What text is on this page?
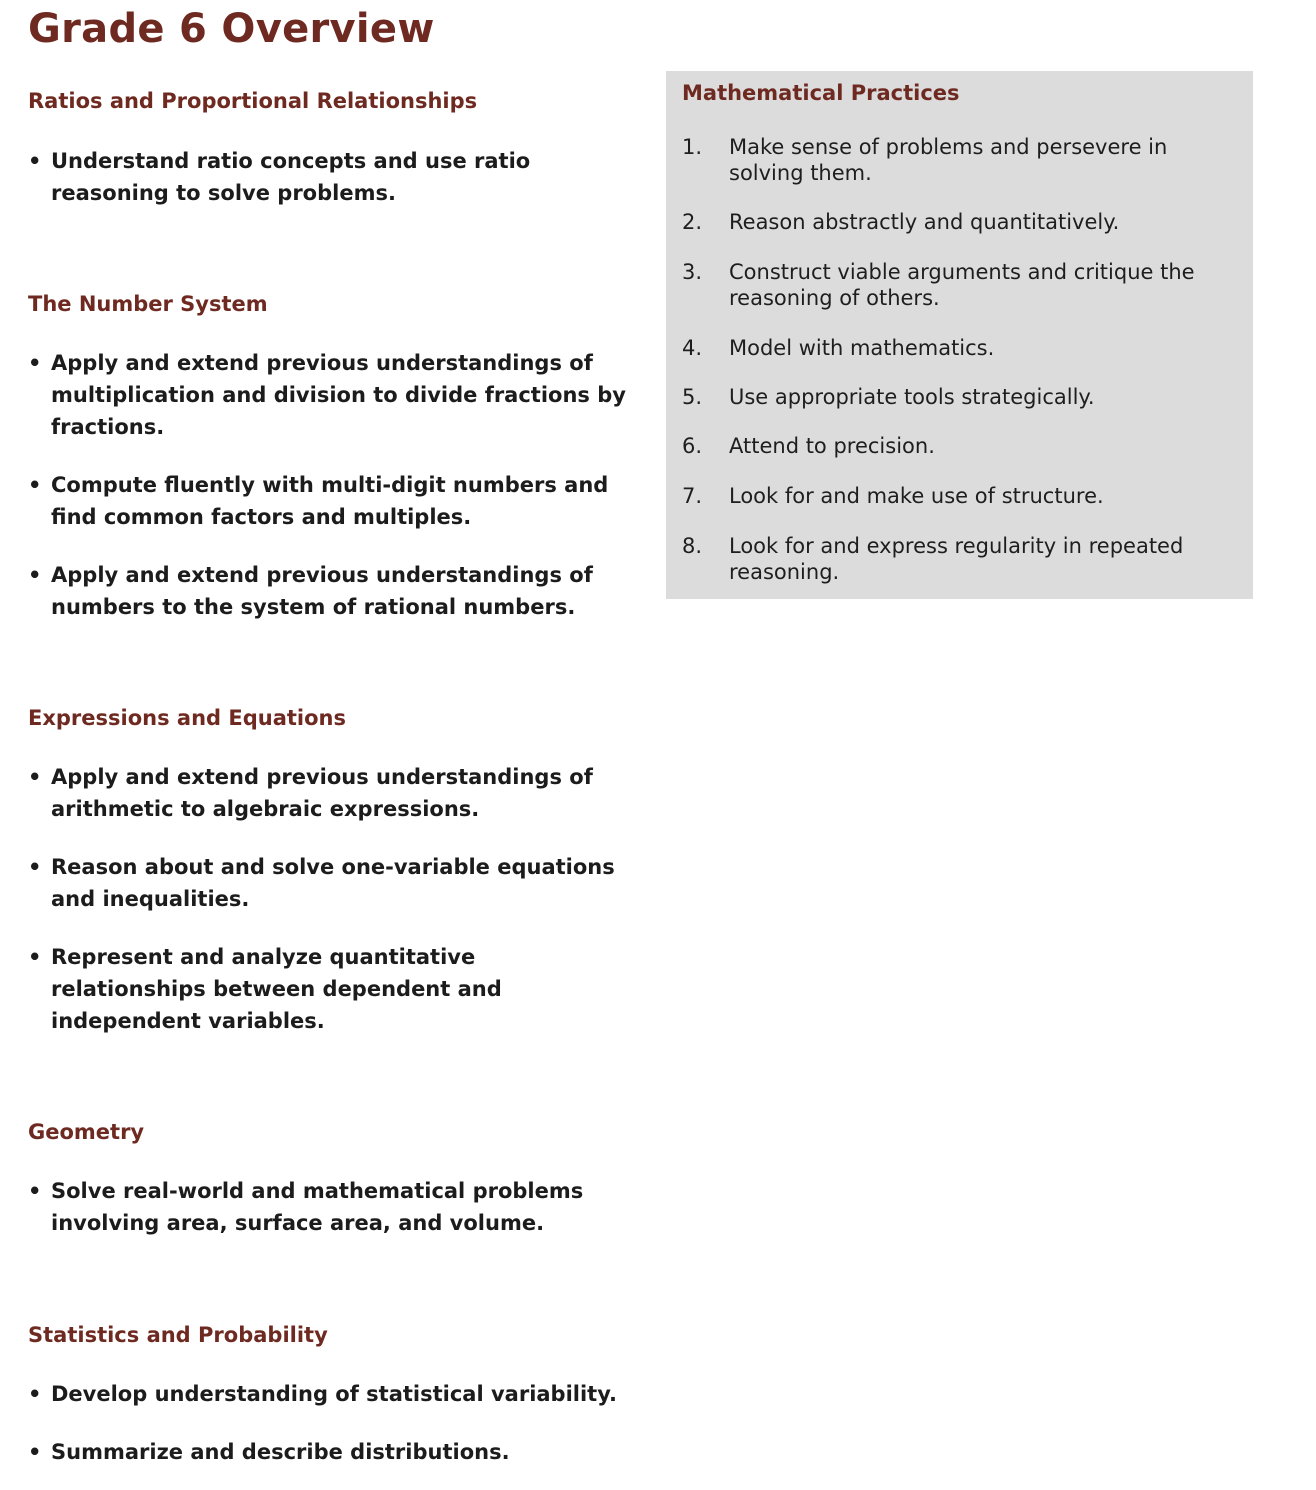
Grade 6 Overview
Ratios and Proportional Relationships
• Understand ratio concepts and use ratio reasoning to solve problems.
The Number System
• Apply and extend previous understandings of multiplication and division to divide fractions by fractions.
• Compute fluently with multi-digit numbers and find common factors and multiples.
• Apply and extend previous understandings of numbers to the system of rational numbers.
Expressions and Equations
• Apply and extend previous understandings of arithmetic to algebraic expressions.
• Reason about and solve one-variable equations and inequalities.
• Represent and analyze quantitative relationships between dependent and independent variables.
Geometry
• Solve real-world and mathematical problems involving area, surface area, and volume.
Statistics and Probability
• Develop understanding of statistical variability.
• Summarize and describe distributions.
Mathematical Practices
1. Make sense of problems and persevere in solving them.
2. Reason abstractly and quantitatively.
3. Construct viable arguments and critique the reasoning of others.
4. Model with mathematics.
5. Use appropriate tools strategically.
6. Attend to precision.
7. Look for and make use of structure.
8. Look for and express regularity in repeated reasoning.
